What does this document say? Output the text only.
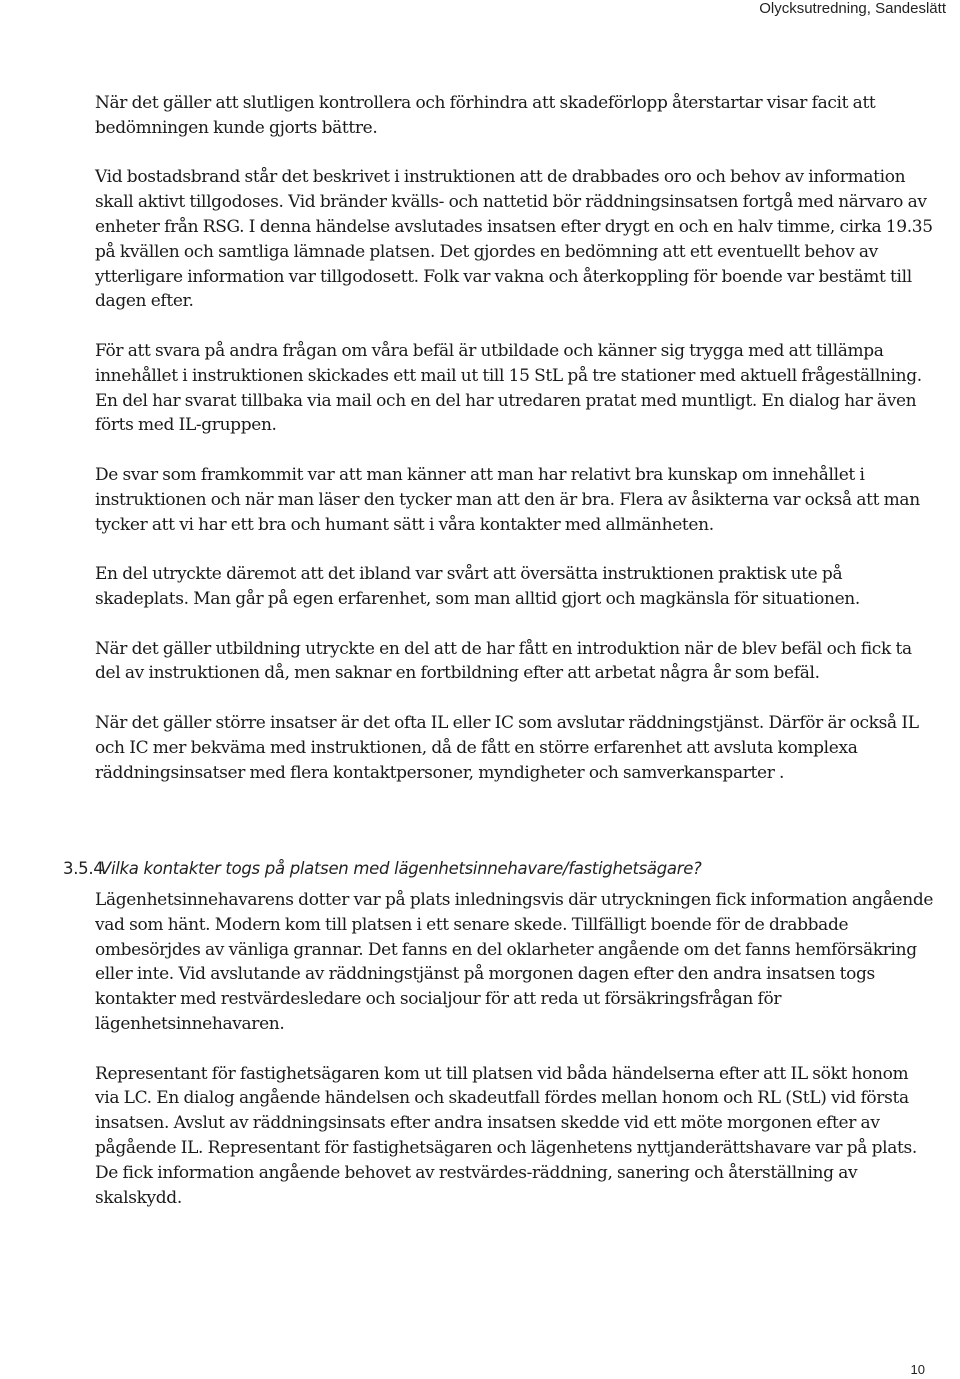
Olycksutredning, Sandeslätt

När det gäller att slutligen kontrollera och förhindra att skadeförlopp återstartar visar facit att bedömningen kunde gjorts bättre.

Vid bostadsbrand står det beskrivet i instruktionen att de drabbades oro och behov av information skall aktivt tillgodoses. Vid bränder kvälls- och nattetid bör räddningsinsatsen fortgå med närvaro av enheter från RSG. I denna händelse avslutades insatsen efter drygt en och en halv timme, cirka 19.35 på kvällen och samtliga lämnade platsen. Det gjordes en bedömning att ett eventuellt behov av ytterligare information var tillgodosett. Folk var vakna och återkoppling för boende var bestämt till dagen efter.

För att svara på andra frågan om våra befäl är utbildade och känner sig trygga med att tillämpa innehållet i instruktionen skickades ett mail ut till 15 StL på tre stationer med aktuell frågeställning. En del har svarat tillbaka via mail och en del har utredaren pratat med muntligt. En dialog har även förts med IL-gruppen.

De svar som framkommit var att man känner att man har relativt bra kunskap om innehållet i instruktionen och när man läser den tycker man att den är bra. Flera av åsikterna var också att man tycker att vi har ett bra och humant sätt i våra kontakter med allmänheten.

En del utryckte däremot att det ibland var svårt att översätta instruktionen praktisk ute på skadeplats. Man går på egen erfarenhet, som man alltid gjort och magkänsla för situationen.

När det gäller utbildning utryckte en del att de har fått en introduktion när de blev befäl och fick ta del av instruktionen då, men saknar en fortbildning efter att arbetat några år som befäl.

När det gäller större insatser är det ofta IL eller IC som avslutar räddningstjänst. Därför är också IL och IC mer bekväma med instruktionen, då de fått en större erfarenhet att avsluta komplexa räddningsinsatser med flera kontaktpersoner, myndigheter och samverkansparter .

3.5.4 Vilka kontakter togs på platsen med lägenhetsinnehavare/fastighetsägare?

Lägenhetsinnehavarens dotter var på plats inledningsvis där utryckningen fick information angående vad som hänt. Modern kom till platsen i ett senare skede. Tillfälligt boende för de drabbade ombesörjdes av vänliga grannar. Det fanns en del oklarheter angående om det fanns hemförsäkring eller inte. Vid avslutande av räddningstjänst på morgonen dagen efter den andra insatsen togs kontakter med restvärdesledare och socialjour för att reda ut försäkringsfrågan för lägenhetsinnehavaren.

Representant för fastighetsägaren kom ut till platsen vid båda händelserna efter att IL sökt honom via LC. En dialog angående händelsen och skadeutfall fördes mellan honom och RL (StL) vid första insatsen. Avslut av räddningsinsats efter andra insatsen skedde vid ett möte morgonen efter av pågående IL. Representant för fastighetsägaren och lägenhetens nyttjanderättshavare var på plats. De fick information angående behovet av restvärdes-räddning, sanering och återställning av skalskydd.

10
